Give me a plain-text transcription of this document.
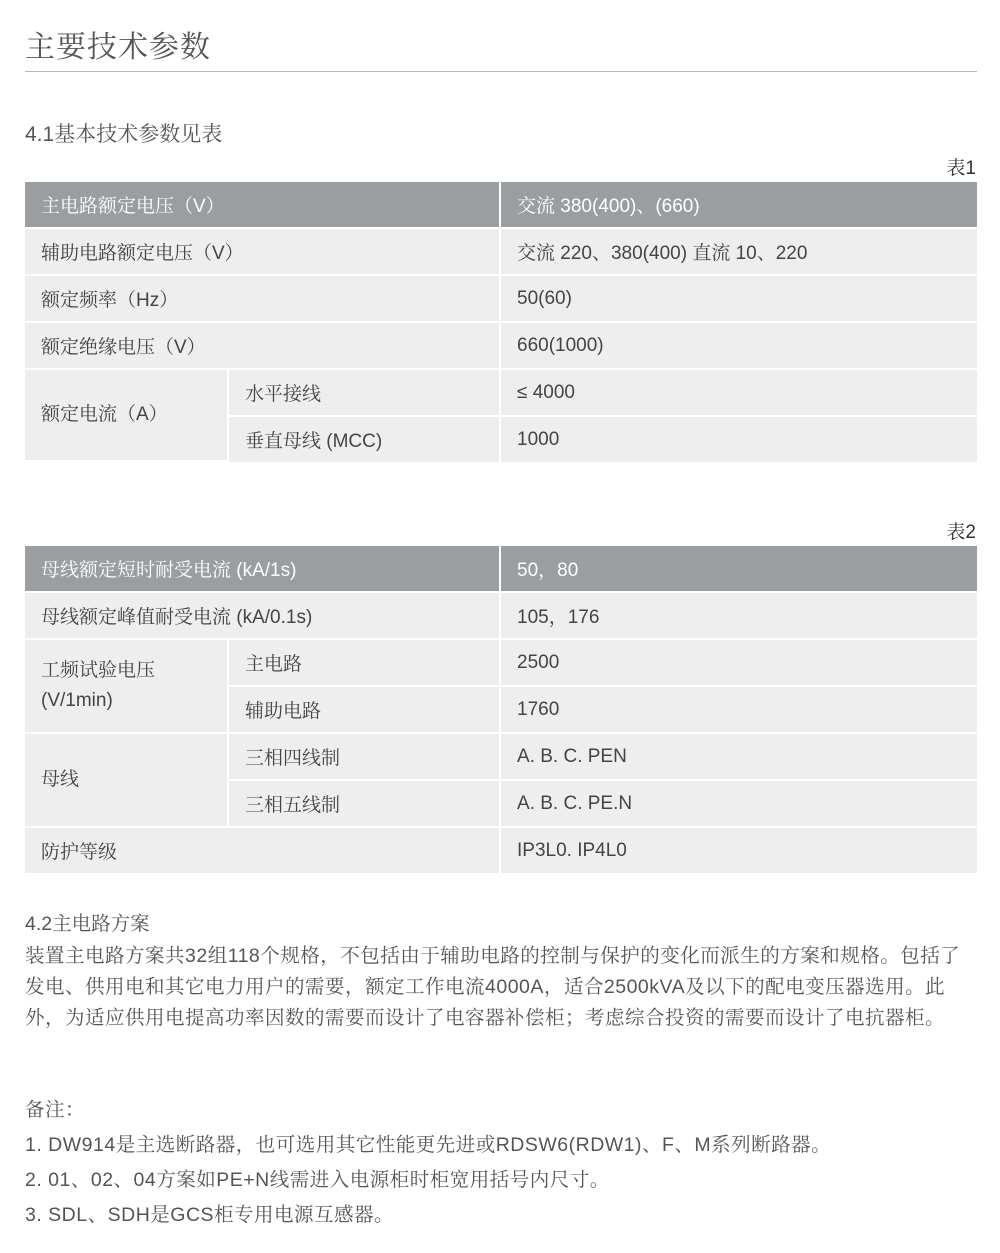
主要技术参数
4.1基本技术参数见表
表1
主电路额定电压（V）		交流 380(400)、(660)
辅助电路额定电压（V）		交流 220、380(400) 直流 10、220
额定频率（Hz）		50(60)
额定绝缘电压（V）		660(1000)
额定电流（A）	水平接线	≤ 4000
	垂直母线 (MCC)	1000
表2
母线额定短时耐受电流 (kA/1s)		50，80
母线额定峰值耐受电流 (kA/0.1s)		105，176

工频试验电压
(V/1min)	主电路	2500
	辅助电路	1760
母线	三相四线制	A. B. C. PEN
	三相五线制	A. B. C. PE.N
防护等级		IP3L0. IP4L0
4.2主电路方案
装置主电路方案共32组118个规格，不包括由于辅助电路的控制与保护的变化而派生的方案和规格。包括了发电、供用电和其它电力用户的需要，额定工作电流4000A，适合2500kVA及以下的配电变压器选用。此外，为适应供用电提高功率因数的需要而设计了电容器补偿柜；考虑综合投资的需要而设计了电抗器柜。
备注：
1. DW914是主选断路器，也可选用其它性能更先进或RDSW6(RDW1)、F、M系列断路器。
2. 01、02、04方案如PE+N线需进入电源柜时柜宽用括号内尺寸。
3. SDL、SDH是GCS柜专用电源互感器。
